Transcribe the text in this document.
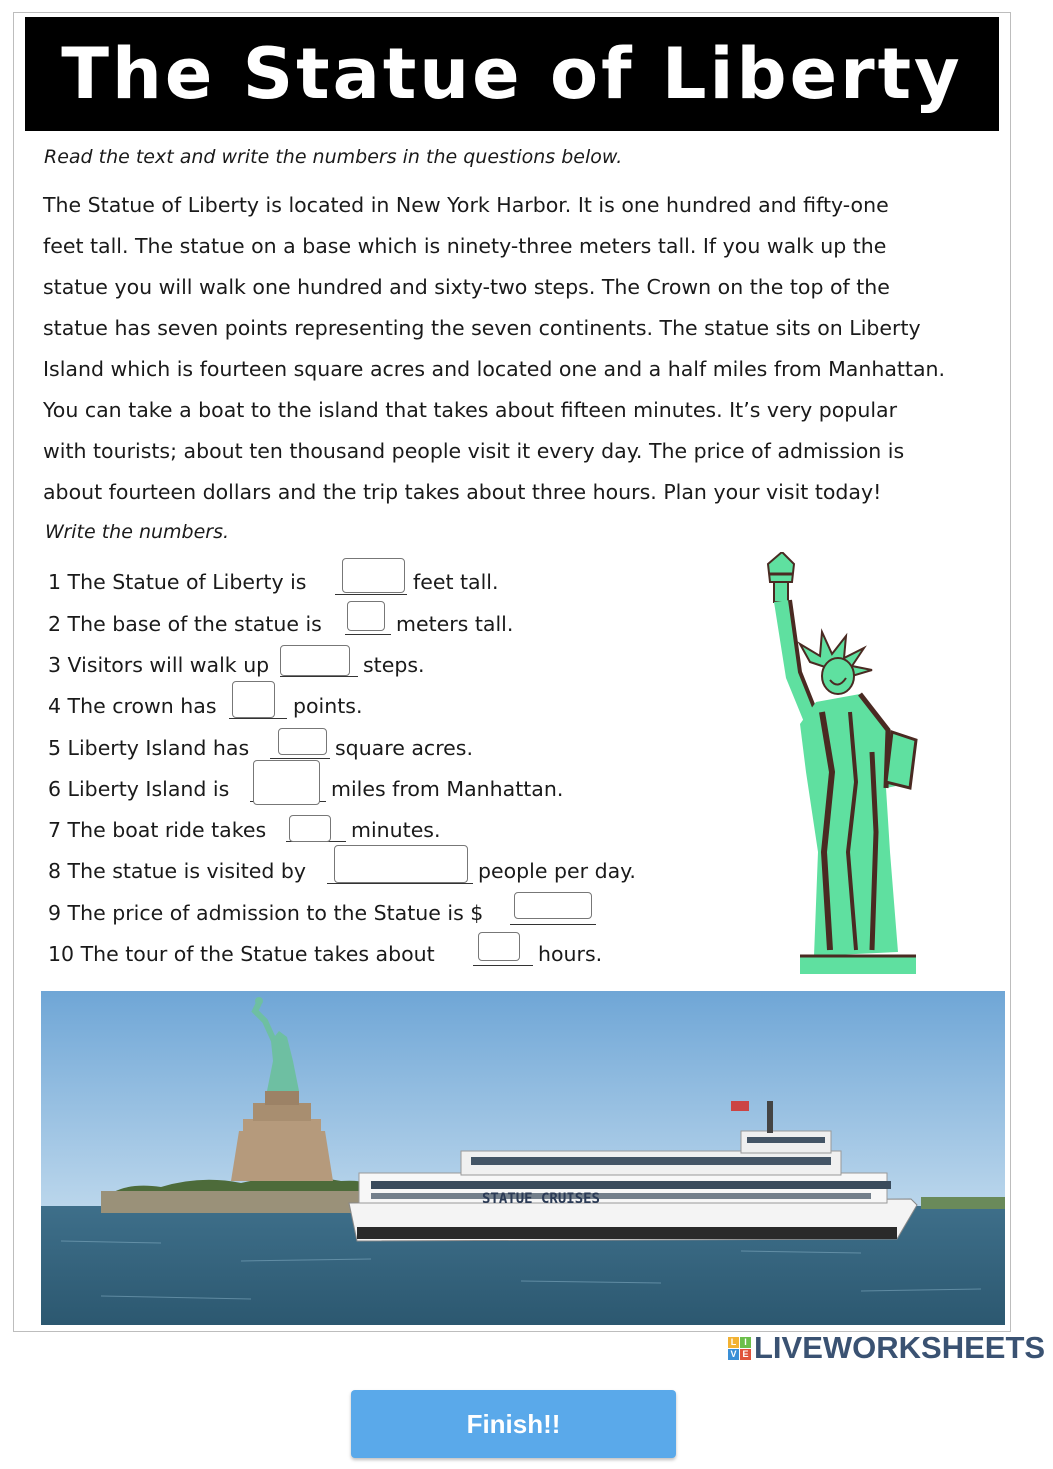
The Statue of Liberty
Read the text and write the numbers in the questions below.

The Statue of Liberty is located in New York Harbor. It is one hundred and fifty-one

feet tall. The statue on a base which is ninety-three meters tall. If you walk up the

statue you will walk one hundred and sixty-two steps. The Crown on the top of the

statue has seven points representing the seven continents. The statue sits on Liberty

Island which is fourteen square acres and located one and a half miles from Manhattan.

You can take a boat to the island that takes about fifteen minutes. It’s very popular

with tourists; about ten thousand people visit it every day. The price of admission is

about fourteen dollars and the trip takes about three hours. Plan your visit today!

Write the numbers.
1 The Statue of Liberty is	feet tall.
2 The base of the statue is	meters tall.
3 Visitors will walk up	steps.
4 The crown has	points.
5 Liberty Island has	square acres.
6 Liberty Island is	miles from Manhattan.
7 The boat ride takes	minutes.
8 The statue is visited by	people per day.
9 The price of admission to the Statue is $
10 The tour of the Statue takes about	hours.
STATUE CRUISES
L I
V E LIVEWORKSHEETS
Finish!!
